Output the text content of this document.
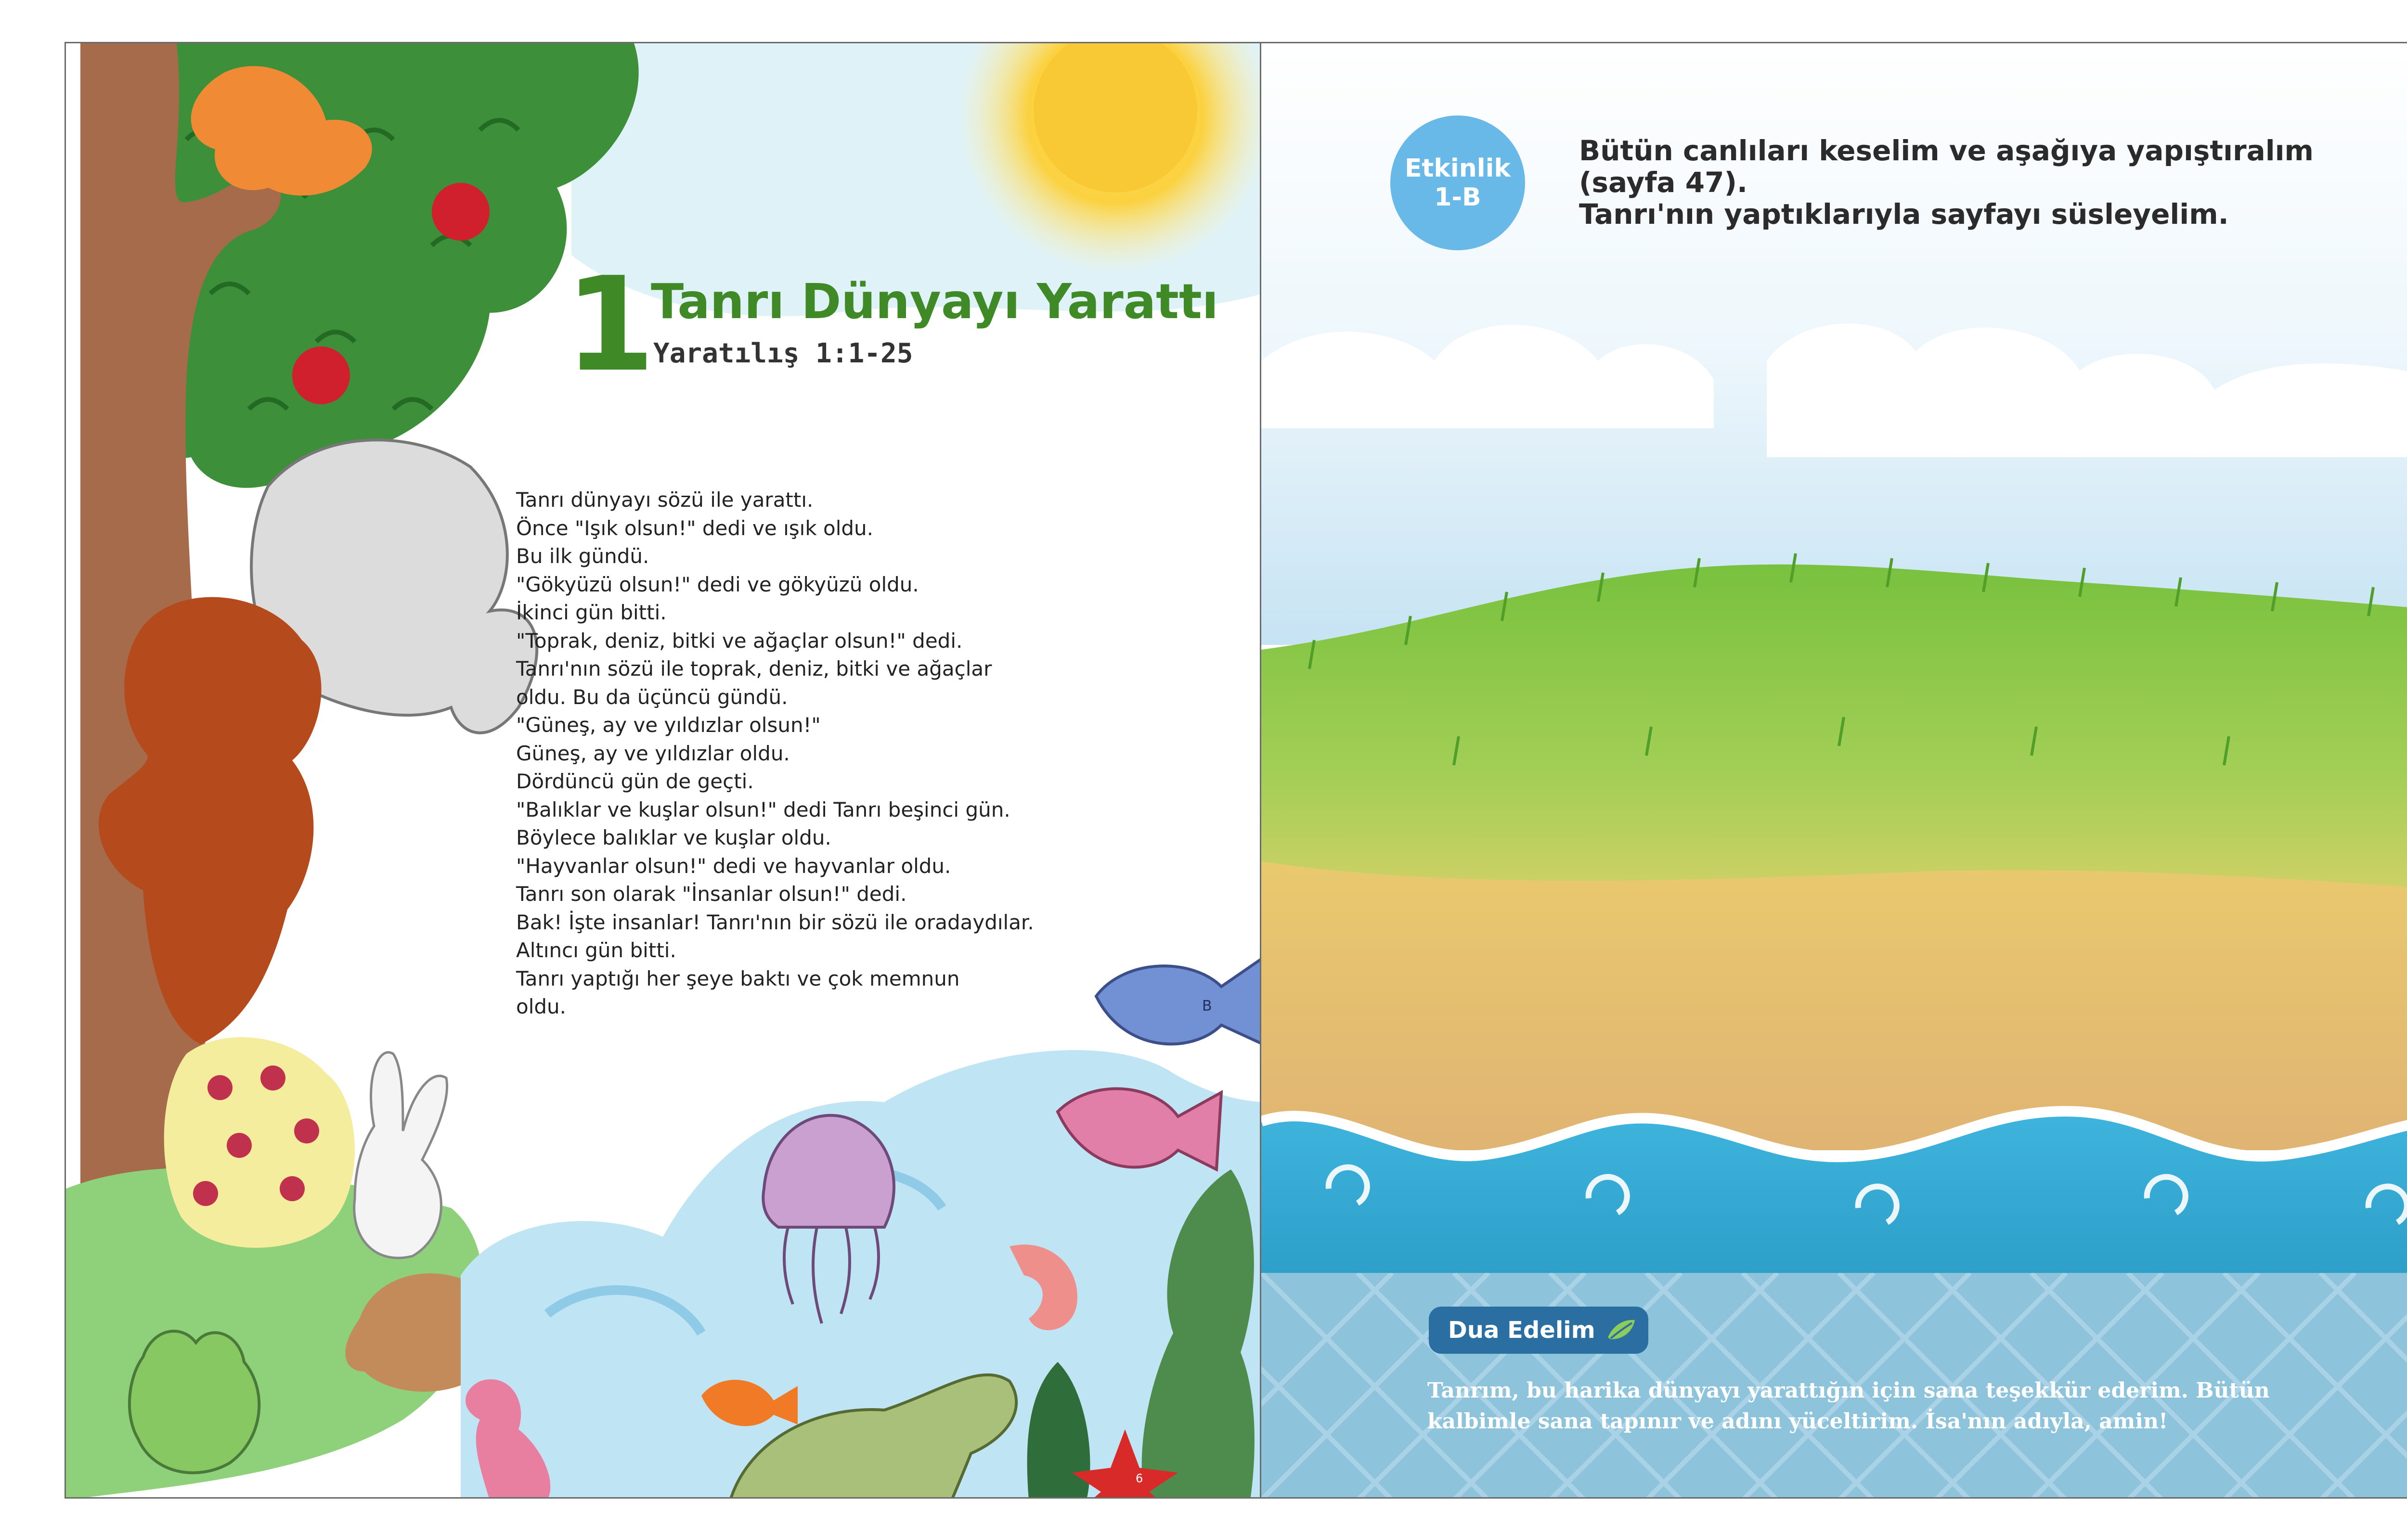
6
B
1
Tanrı Dünyayı Yarattı
Yaratılış 1:1-25
Tanrı dünyayı sözü ile yarattı.
Önce "Işık olsun!" dedi ve ışık oldu.
Bu ilk gündü.
"Gökyüzü olsun!" dedi ve gökyüzü oldu.
İkinci gün bitti.
"Toprak, deniz, bitki ve ağaçlar olsun!" dedi.
Tanrı'nın sözü ile toprak, deniz, bitki ve ağaçlar
oldu. Bu da üçüncü gündü.
"Güneş, ay ve yıldızlar olsun!"
Güneş, ay ve yıldızlar oldu.
Dördüncü gün de geçti.
"Balıklar ve kuşlar olsun!" dedi Tanrı beşinci gün.
Böylece balıklar ve kuşlar oldu.
"Hayvanlar olsun!" dedi ve hayvanlar oldu.
Tanrı son olarak "İnsanlar olsun!" dedi.
Bak! İşte insanlar! Tanrı'nın bir sözü ile oradaydılar.
Altıncı gün bitti.
Tanrı yaptığı her şeye baktı ve çok memnun
oldu.
Etkinlik
1-B
Bütün canlıları keselim ve aşağıya yapıştıralım
(sayfa 47).
Tanrı'nın yaptıklarıyla sayfayı süsleyelim.
Dua Edelim
Tanrım, bu harika dünyayı yarattığın için sana teşekkür ederim. Bütün
kalbimle sana tapınır ve adını yüceltirim. İsa'nın adıyla, amin!
